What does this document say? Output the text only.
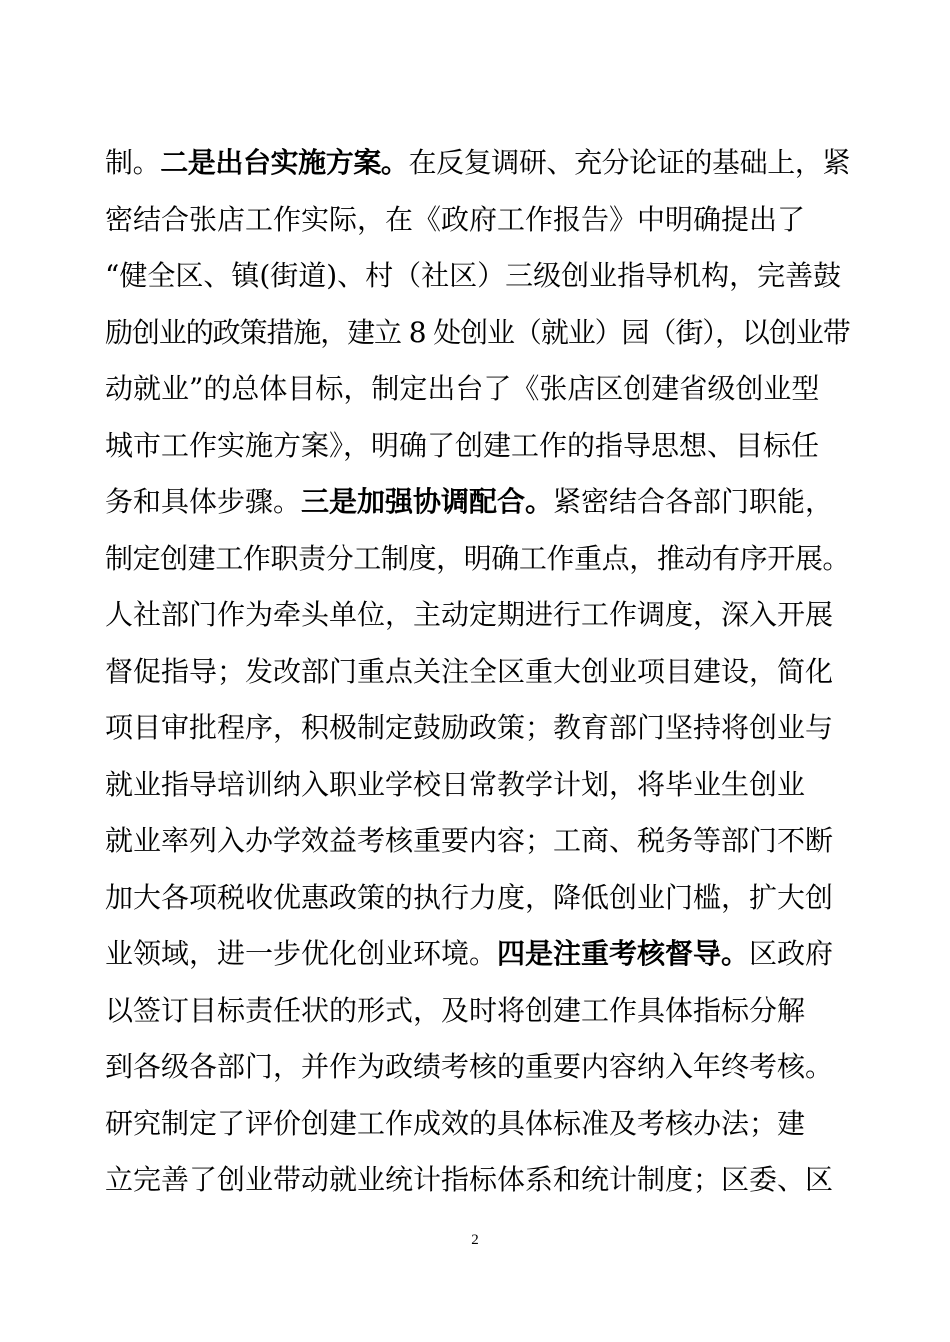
制。二是出台实施方案。在反复调研、充分论证的基础上，紧
密结合张店工作实际，在《政府工作报告》中明确提出了
“健全区、镇(街道)、村（社区）三级创业指导机构，完善鼓
励创业的政策措施，建立 8 处创业（就业）园（街），以创业带
动就业”的总体目标，制定出台了《张店区创建省级创业型
城市工作实施方案》，明确了创建工作的指导思想、目标任
务和具体步骤。三是加强协调配合。紧密结合各部门职能，
制定创建工作职责分工制度，明确工作重点，推动有序开展。
人社部门作为牵头单位，主动定期进行工作调度，深入开展
督促指导；发改部门重点关注全区重大创业项目建设，简化
项目审批程序，积极制定鼓励政策；教育部门坚持将创业与
就业指导培训纳入职业学校日常教学计划，将毕业生创业
就业率列入办学效益考核重要内容；工商、税务等部门不断
加大各项税收优惠政策的执行力度，降低创业门槛，扩大创
业领域，进一步优化创业环境。四是注重考核督导。区政府
以签订目标责任状的形式，及时将创建工作具体指标分解
到各级各部门，并作为政绩考核的重要内容纳入年终考核。
研究制定了评价创建工作成效的具体标准及考核办法；建
立完善了创业带动就业统计指标体系和统计制度；区委、区
2
